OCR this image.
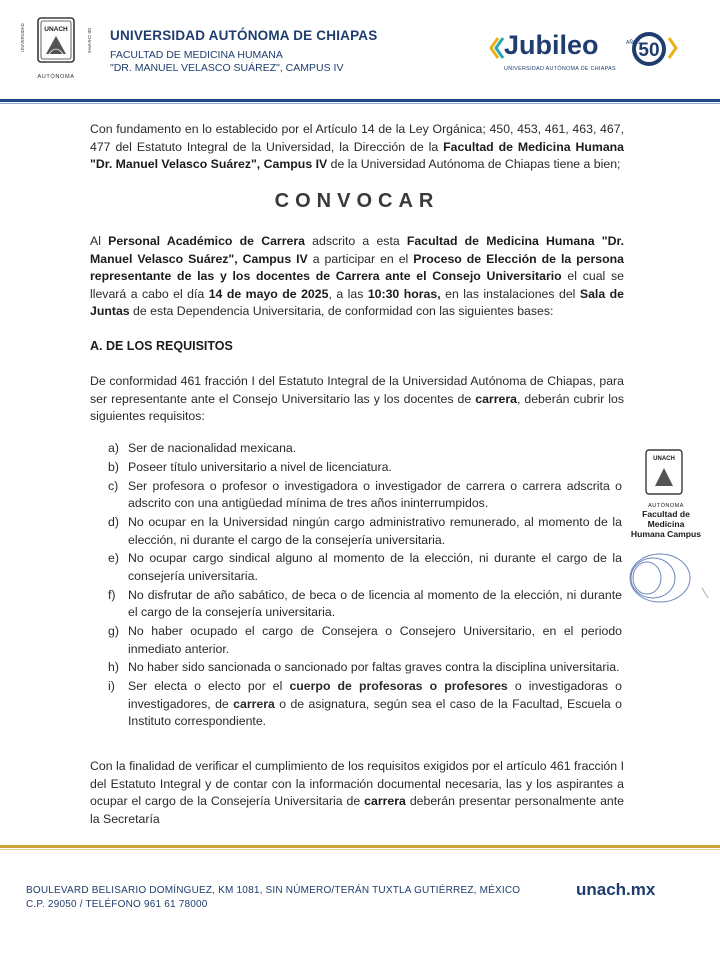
UNACH
UNIVERSIDAD	DE CHIAPAS
AUTÓNOMA
UNIVERSIDAD AUTÓNOMA DE CHIAPAS
FACULTAD DE MEDICINA HUMANA
"DR. MANUEL VELASCO SUÁREZ", CAMPUS IV
50
Jubileo	AÑOS
UNIVERSIDAD AUTÓNOMA DE CHIAPAS
Con fundamento en lo establecido por el Artículo 14 de la Ley Orgánica; 450, 453, 461, 463, 467, 477 del Estatuto Integral de la Universidad, la Dirección de la Facultad de Medicina Humana "Dr. Manuel Velasco Suárez", Campus IV de la Universidad Autónoma de Chiapas tiene a bien;
CONVOCAR
Al Personal Académico de Carrera adscrito a esta Facultad de Medicina Humana "Dr. Manuel Velasco Suárez", Campus IV a participar en el Proceso de Elección de la persona representante de las y los docentes de Carrera ante el Consejo Universitario el cual se llevará a cabo el día 14 de mayo de 2025, a las 10:30 horas, en las instalaciones del Sala de Juntas de esta Dependencia Universitaria, de conformidad con las siguientes bases:
A. DE LOS REQUISITOS
De conformidad 461 fracción I del Estatuto Integral de la Universidad Autónoma de Chiapas, para ser representante ante el Consejo Universitario las y los docentes de carrera, deberán cubrir los siguientes requisitos:
a) Ser de nacionalidad mexicana.
b) Poseer título universitario a nivel de licenciatura.
c) Ser profesora o profesor o investigadora o investigador de carrera o carrera adscrita o adscrito con una antigüedad mínima de tres años ininterrumpidos.
d) No ocupar en la Universidad ningún cargo administrativo remunerado, al momento de la elección, ni durante el cargo de la consejería universitaria.
e) No ocupar cargo sindical alguno al momento de la elección, ni durante el cargo de la consejería universitaria.
f) No disfrutar de año sabático, de beca o de licencia al momento de la elección, ni durante el cargo de la consejería universitaria.
g) No haber ocupado el cargo de Consejera o Consejero Universitario, en el periodo inmediato anterior.
h) No haber sido sancionada o sancionado por faltas graves contra la disciplina universitaria.
i) Ser electa o electo por el cuerpo de profesoras o profesores o investigadoras o investigadores, de carrera o de asignatura, según sea el caso de la Facultad, Escuela o Instituto correspondiente.
Con la finalidad de verificar el cumplimiento de los requisitos exigidos por el artículo 461 fracción I del Estatuto Integral y de contar con la información documental necesaria, las y los aspirantes a ocupar el cargo de la Consejería Universitaria de carrera deberán presentar personalmente ante la Secretaría
UNACH
AUTÓNOMA
Facultad de
Medicina
Humana Campus
BOULEVARD BELISARIO DOMÍNGUEZ, KM 1081, SIN NÚMERO/TERÁN TUXTLA GUTIÉRREZ, MÉXICO
C.P. 29050 / TELÉFONO 961 61 78000
unach.mx
